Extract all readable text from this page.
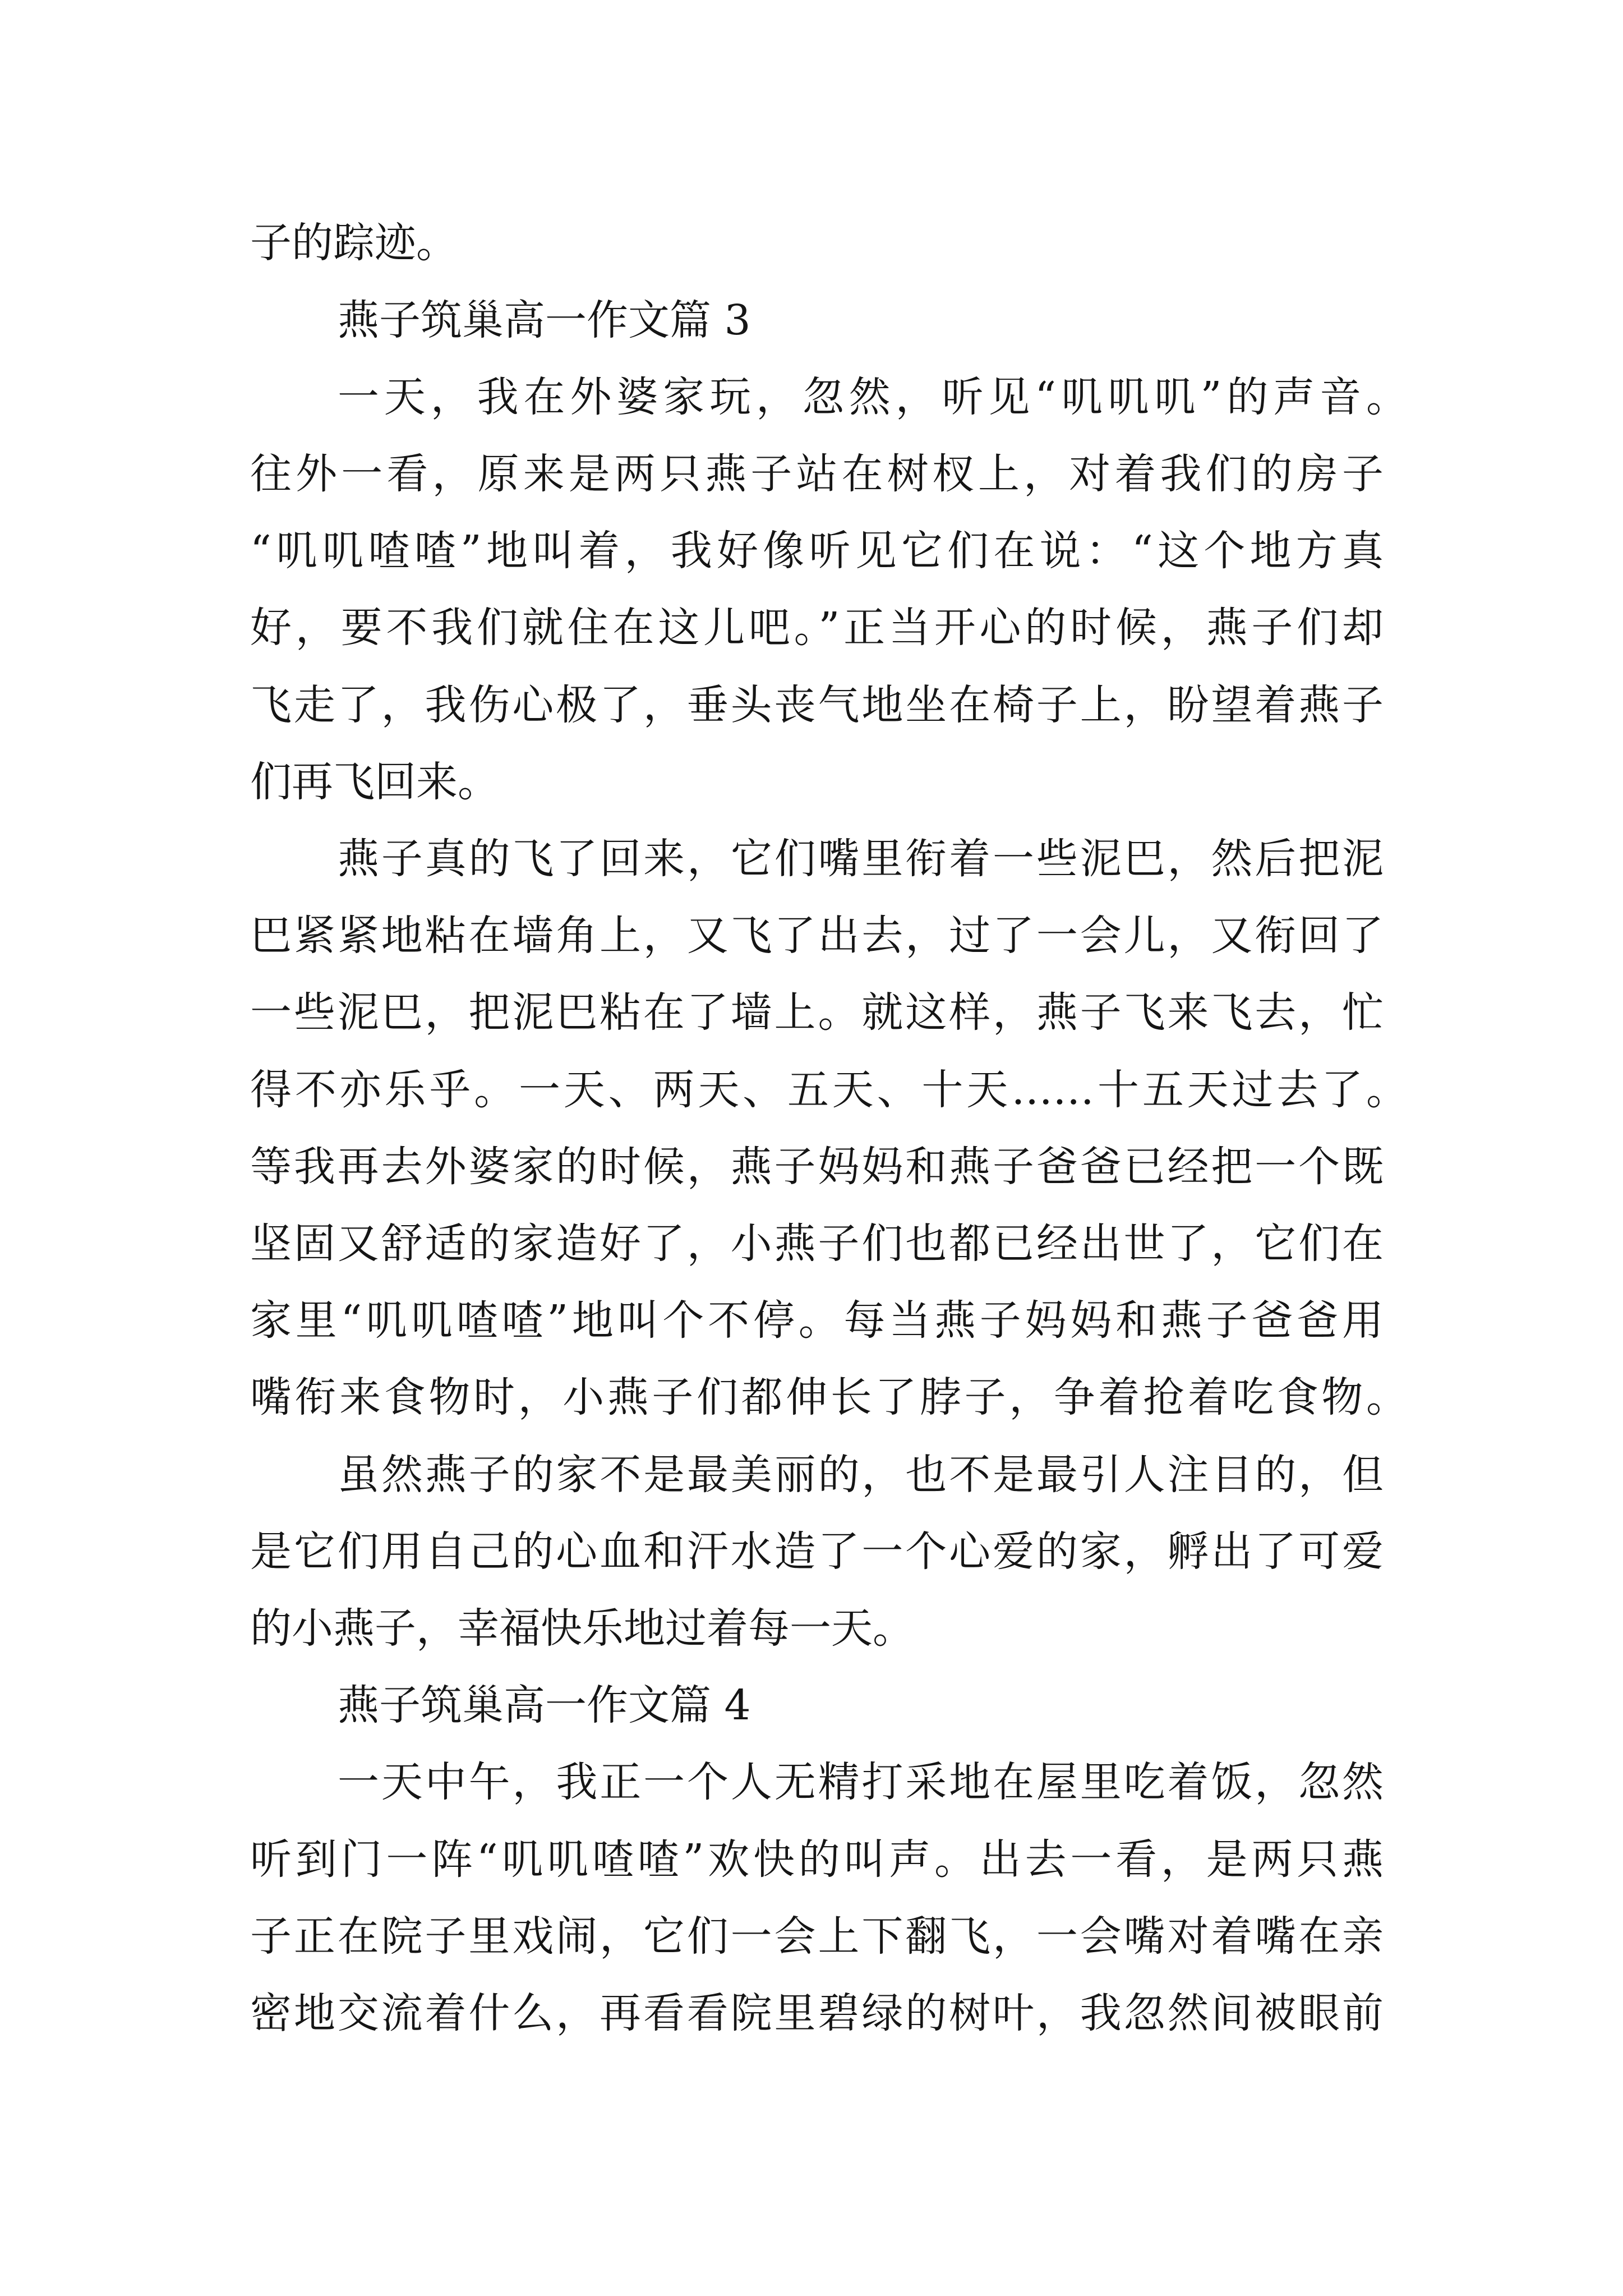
子的踪迹。
燕子筑巢高一作文篇 3
一天，我在外婆家玩，忽然，听见“叽叽叽”的声音。
往外一看，原来是两只燕子站在树杈上，对着我们的房子
“叽叽喳喳”地叫着，我好像听见它们在说：“这个地方真
好，要不我们就住在这儿吧。”正当开心的时候，燕子们却
飞走了，我伤心极了，垂头丧气地坐在椅子上，盼望着燕子
们再飞回来。
燕子真的飞了回来，它们嘴里衔着一些泥巴，然后把泥
巴紧紧地粘在墙角上，又飞了出去，过了一会儿，又衔回了
一些泥巴，把泥巴粘在了墙上。就这样，燕子飞来飞去，忙
得不亦乐乎。一天、两天、五天、十天……十五天过去了。
等我再去外婆家的时候，燕子妈妈和燕子爸爸已经把一个既
坚固又舒适的家造好了，小燕子们也都已经出世了，它们在
家里“叽叽喳喳”地叫个不停。每当燕子妈妈和燕子爸爸用
嘴衔来食物时，小燕子们都伸长了脖子，争着抢着吃食物。
虽然燕子的家不是最美丽的，也不是最引人注目的，但
是它们用自己的心血和汗水造了一个心爱的家，孵出了可爱
的小燕子，幸福快乐地过着每一天。
燕子筑巢高一作文篇 4
一天中午，我正一个人无精打采地在屋里吃着饭，忽然
听到门一阵“叽叽喳喳”欢快的叫声。出去一看，是两只燕
子正在院子里戏闹，它们一会上下翻飞，一会嘴对着嘴在亲
密地交流着什么，再看看院里碧绿的树叶，我忽然间被眼前
